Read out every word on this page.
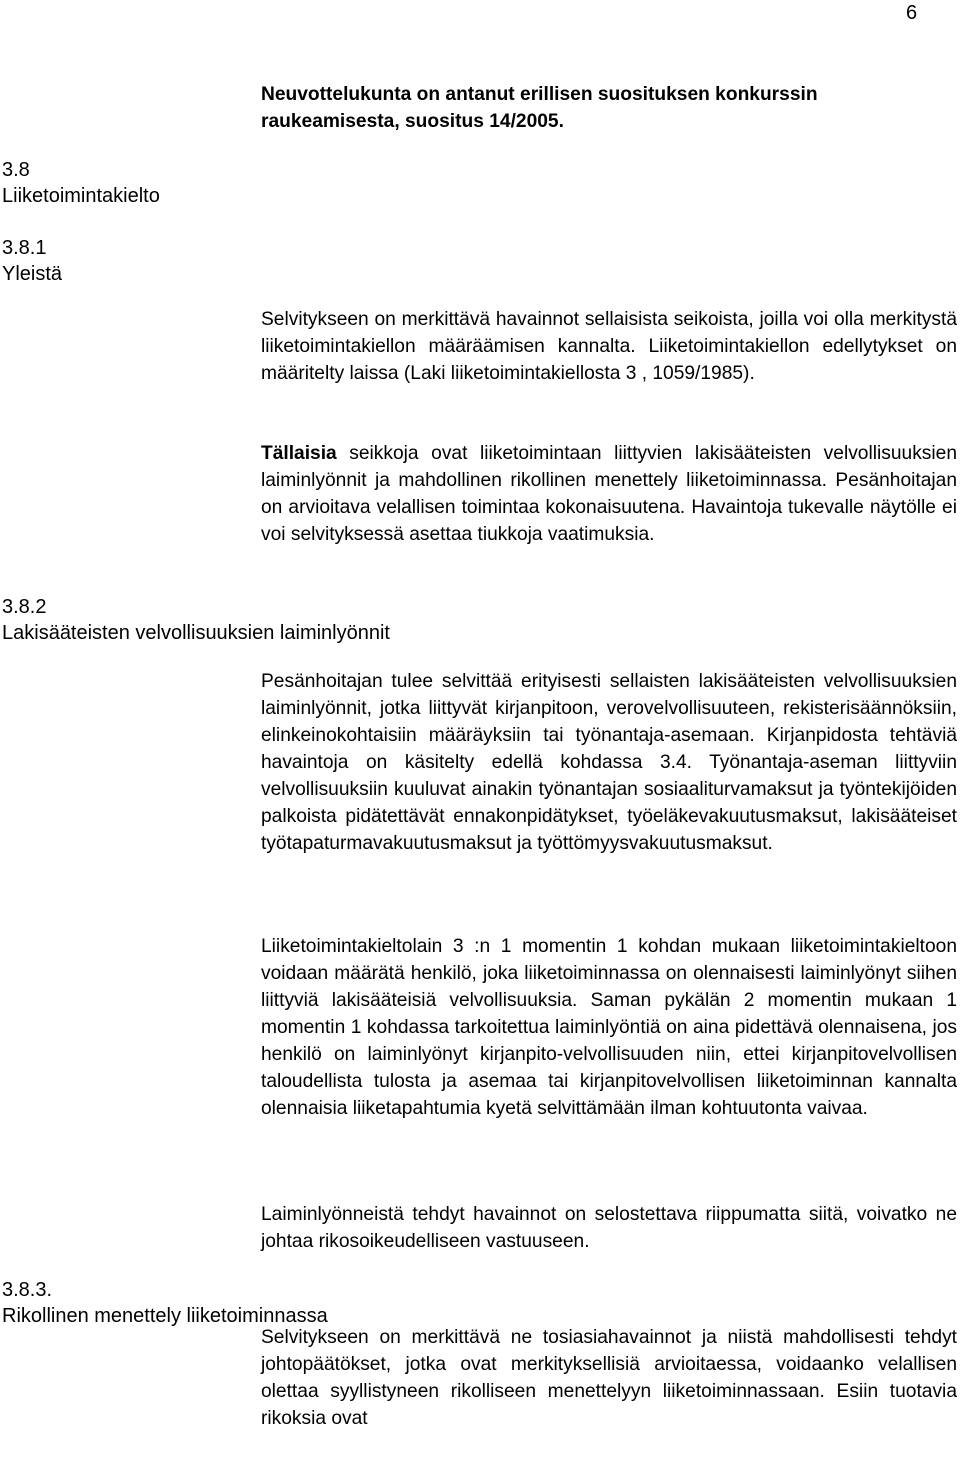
6
3.8
Liiketoimintakielto
3.8.1
Yleistä
3.8.2
Lakisääteisten velvollisuuksien laiminlyönnit
3.8.3.
Rikollinen menettely liiketoiminnassa

Neuvottelukunta on antanut erillisen suosituksen konkurssin raukeamisesta, suositus 14/2005.

Selvitykseen on merkittävä havainnot sellaisista seikoista, joilla voi olla merkitystä liiketoimintakiellon määräämisen kannalta. Liiketoimintakiellon edellytykset on määritelty laissa (Laki liiketoimintakiellosta 3 , 1059/1985).

Tällaisia seikkoja ovat liiketoimintaan liittyvien lakisääteisten velvollisuuksien laiminlyönnit ja mahdollinen rikollinen menettely liiketoiminnassa. Pesänhoitajan on arvioitava velallisen toimintaa kokonaisuutena. Havaintoja tukevalle näytölle ei voi selvityksessä asettaa tiukkoja vaatimuksia.

Pesänhoitajan tulee selvittää erityisesti sellaisten lakisääteisten velvollisuuksien laiminlyönnit, jotka liittyvät kirjanpitoon, verovelvollisuuteen, rekisterisäännöksiin, elinkeinokohtaisiin määräyksiin tai työnantaja-asemaan. Kirjanpidosta tehtäviä havaintoja on käsitelty edellä kohdassa 3.4. Työnantaja-aseman liittyviin velvollisuuksiin kuuluvat ainakin työnantajan sosiaaliturvamaksut ja työntekijöiden palkoista pidätettävät ennakonpidätykset, työeläkevakuutusmaksut, lakisääteiset työtapaturmavakuutusmaksut ja työttömyysvakuutusmaksut.

Liiketoimintakieltolain 3 :n 1 momentin 1 kohdan mukaan liiketoimintakieltoon voidaan määrätä henkilö, joka liiketoiminnassa on olennaisesti laiminlyönyt siihen liittyviä lakisääteisiä velvollisuuksia. Saman pykälän 2 momentin mukaan 1 momentin 1 kohdassa tarkoitettua laiminlyöntiä on aina pidettävä olennaisena, jos henkilö on laiminlyönyt kirjanpito-velvollisuuden niin, ettei kirjanpitovelvollisen taloudellista tulosta ja asemaa tai kirjanpitovelvollisen liiketoiminnan kannalta olennaisia liiketapahtumia kyetä selvittämään ilman kohtuutonta vaivaa.

Laiminlyönneistä tehdyt havainnot on selostettava riippumatta siitä, voivatko ne johtaa rikosoikeudelliseen vastuuseen.

Selvitykseen on merkittävä ne tosiasiahavainnot ja niistä mahdollisesti tehdyt johtopäätökset, jotka ovat merkityksellisiä arvioitaessa, voidaanko velallisen olettaa syyllistyneen rikolliseen menettelyyn liiketoiminnassaan. Esiin tuotavia rikoksia ovat
